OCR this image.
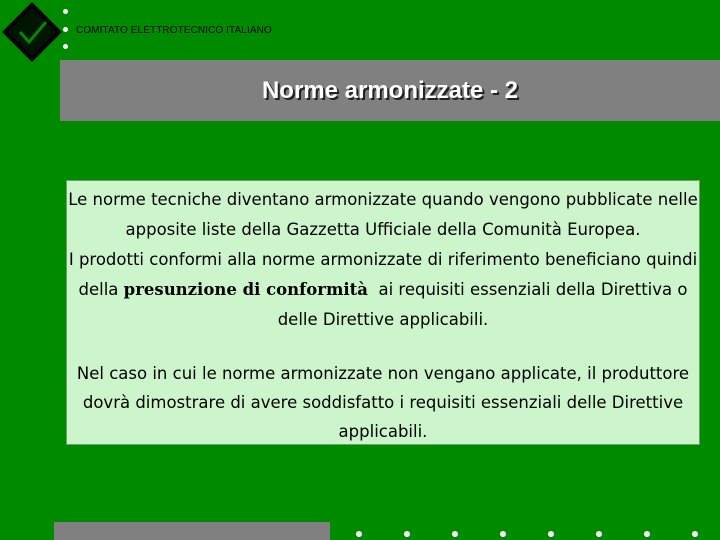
COMITATO ELETTROTECNICO ITALIANO
Norme armonizzate - 2
Le norme tecniche diventano armonizzate quando vengono pubblicate nelle apposite liste della Gazzetta Ufficiale della Comunità Europea.
I prodotti conformi alla norme armonizzate di riferimento beneficiano quindi della presunzione di conformità  ai requisiti essenziali della Direttiva o delle Direttive applicabili.
Nel caso in cui le norme armonizzate non vengano applicate, il produttore dovrà dimostrare di avere soddisfatto i requisiti essenziali delle Direttive applicabili.
